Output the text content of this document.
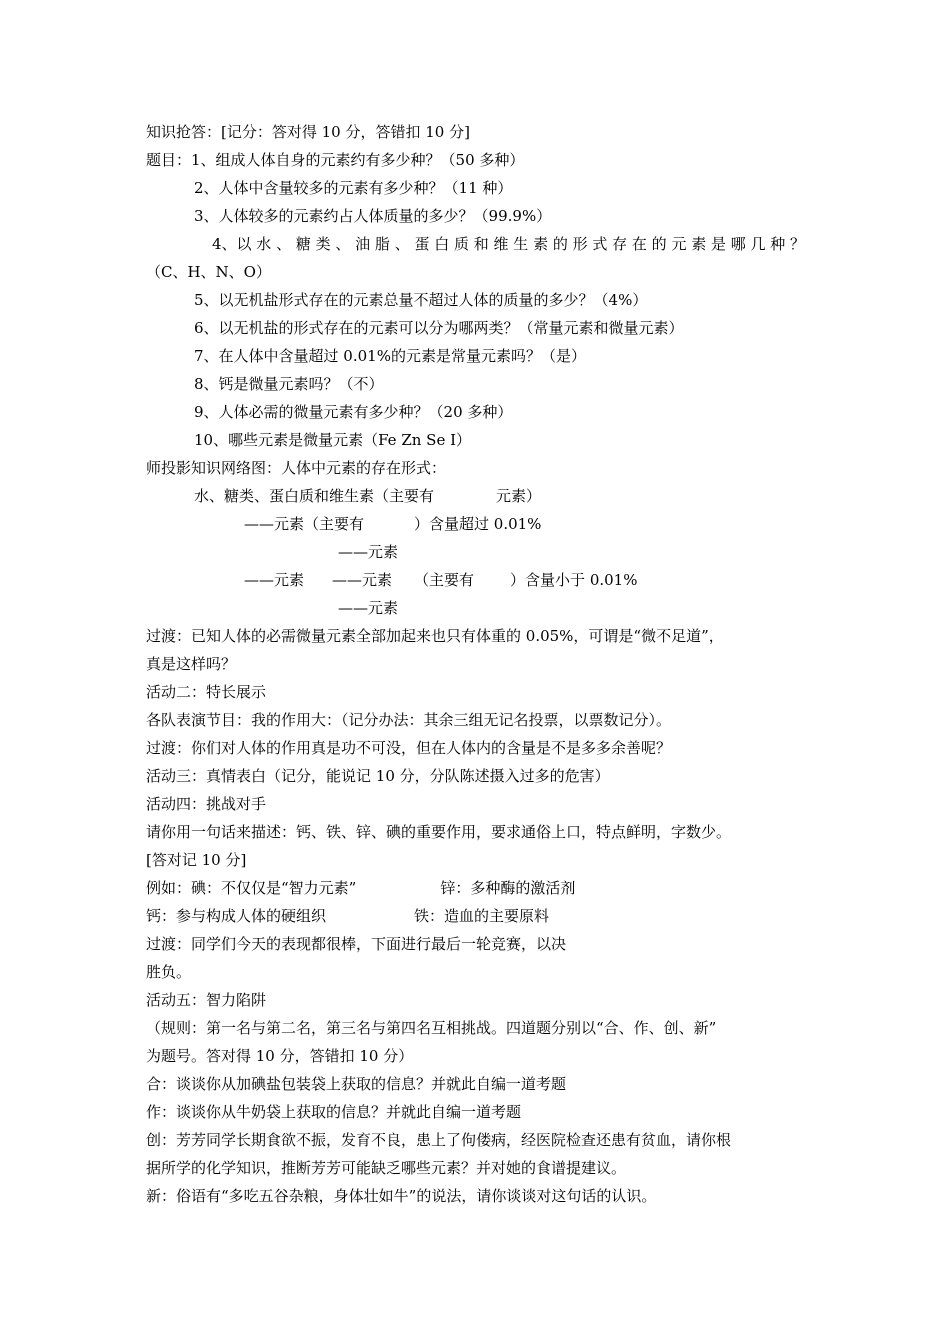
知识抢答：[记分：答对得 10 分，答错扣 10 分]
题目：1、组成人体自身的元素约有多少种？（50 多种）
2、人体中含量较多的元素有多少种？（11 种）
3、人体较多的元素约占人体质量的多少？（99.9%）
4、以 水 、 糖 类 、 油 脂 、 蛋 白 质 和 维 生 素 的 形 式 存 在 的 元 素 是 哪 几 种 ？
（C、H、N、O）
5、以无机盐形式存在的元素总量不超过人体的质量的多少？（4%）
6、以无机盐的形式存在的元素可以分为哪两类？（常量元素和微量元素）
7、在人体中含量超过 0.01%的元素是常量元素吗？（是）
8、钙是微量元素吗？（不）
9、人体必需的微量元素有多少种？（20 多种）
10、哪些元素是微量元素（Fe Zn Se I）
师投影知识网络图：人体中元素的存在形式：
水、糖类、蛋白质和维生素（主要有	元素）
——元素（主要有	）含量超过 0.01%
——元素
——元素 ——元素 （主要有 ）含量小于 0.01%
——元素
过渡：已知人体的必需微量元素全部加起来也只有体重的 0.05%，可谓是“微不足道”，
真是这样吗？
活动二：特长展示
各队表演节目：我的作用大：（记分办法：其余三组无记名投票，以票数记分）。
过渡：你们对人体的作用真是功不可没，但在人体内的含量是不是多多余善呢？
活动三：真情表白（记分，能说记 10 分，分队陈述摄入过多的危害）
活动四：挑战对手
请你用一句话来描述：钙、铁、锌、碘的重要作用，要求通俗上口，特点鲜明，字数少。
[答对记 10 分]
例如：碘：不仅仅是“智力元素”	锌：多种酶的激活剂
钙：参与构成人体的硬组织	铁：造血的主要原料
过渡：同学们今天的表现都很棒，下面进行最后一轮竞赛，以决
胜负。
活动五：智力陷阱
（规则：第一名与第二名，第三名与第四名互相挑战。四道题分别以“合、作、创、新”
为题号。答对得 10 分，答错扣 10 分）
合：谈谈你从加碘盐包装袋上获取的信息？并就此自编一道考题
作：谈谈你从牛奶袋上获取的信息？并就此自编一道考题
创：芳芳同学长期食欲不振，发育不良，患上了佝偻病，经医院检查还患有贫血，请你根
据所学的化学知识，推断芳芳可能缺乏哪些元素？并对她的食谱提建议。
新：俗语有“多吃五谷杂粮，身体壮如牛”的说法，请你谈谈对这句话的认识。
